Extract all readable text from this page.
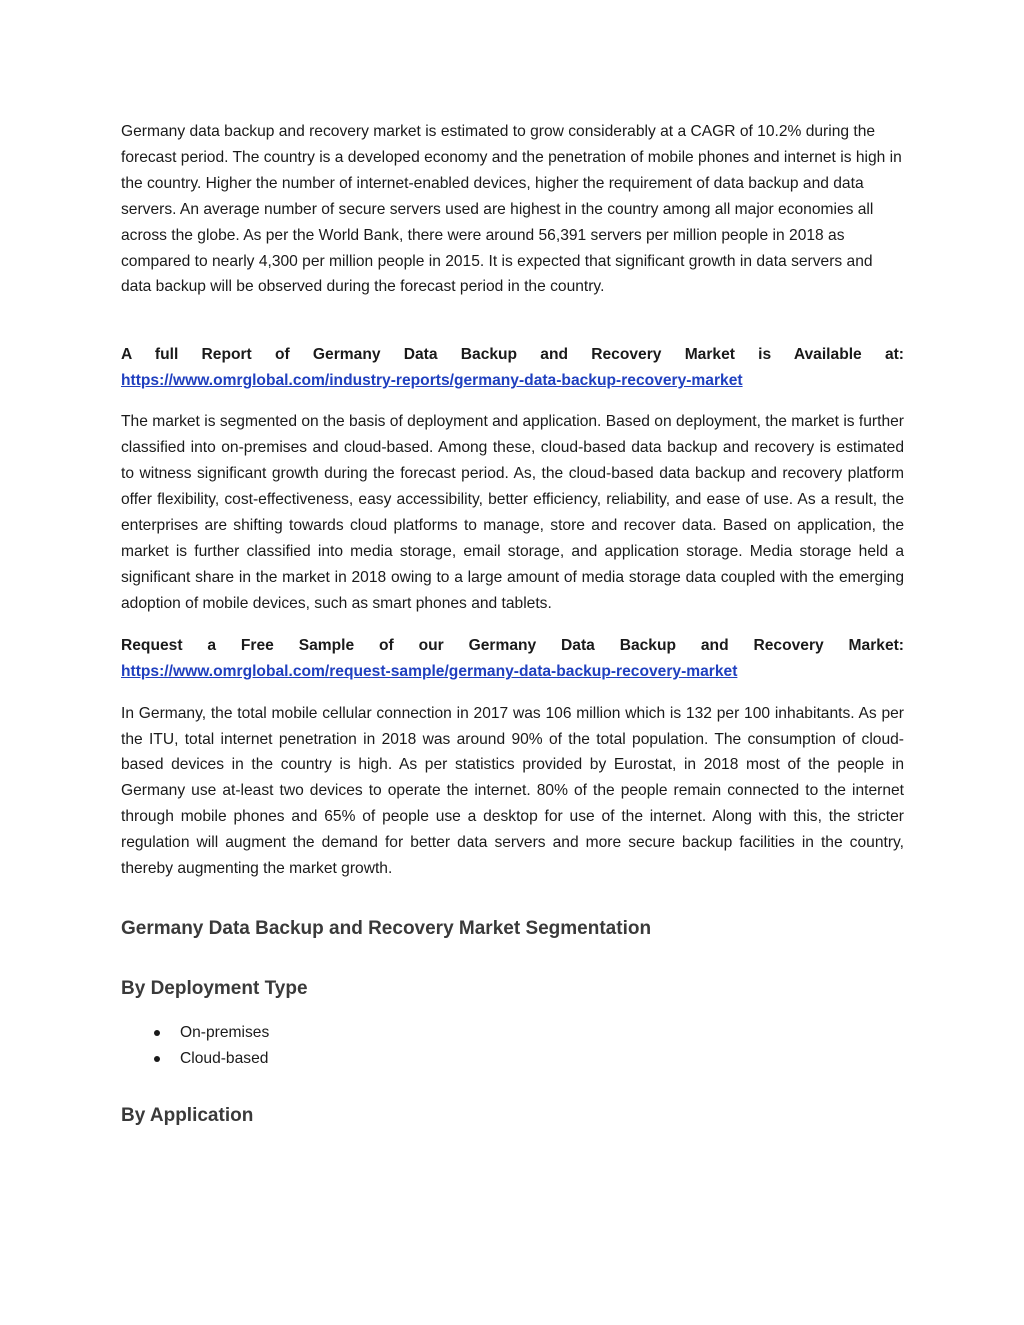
Germany data backup and recovery market is estimated to grow considerably at a CAGR of 10.2% during the forecast period. The country is a developed economy and the penetration of mobile phones and internet is high in the country. Higher the number of internet-enabled devices, higher the requirement of data backup and data servers. An average number of secure servers used are highest in the country among all major economies all across the globe. As per the World Bank, there were around 56,391 servers per million people in 2018 as compared to nearly 4,300 per million people in 2015. It is expected that significant growth in data servers and data backup will be observed during the forecast period in the country.

A full Report of Germany Data Backup and Recovery Market is Available at:
https://www.omrglobal.com/industry-reports/germany-data-backup-recovery-market

The market is segmented on the basis of deployment and application. Based on deployment, the market is further classified into on-premises and cloud-based. Among these, cloud-based data backup and recovery is estimated to witness significant growth during the forecast period. As, the cloud-based data backup and recovery platform offer flexibility, cost-effectiveness, easy accessibility, better efficiency, reliability, and ease of use. As a result, the enterprises are shifting towards cloud platforms to manage, store and recover data. Based on application, the market is further classified into media storage, email storage, and application storage. Media storage held a significant share in the market in 2018 owing to a large amount of media storage data coupled with the emerging adoption of mobile devices, such as smart phones and tablets.

Request a Free Sample of our Germany Data Backup and Recovery Market:
https://www.omrglobal.com/request-sample/germany-data-backup-recovery-market

In Germany, the total mobile cellular connection in 2017 was 106 million which is 132 per 100 inhabitants. As per the ITU, total internet penetration in 2018 was around 90% of the total population. The consumption of cloud-based devices in the country is high. As per statistics provided by Eurostat, in 2018 most of the people in Germany use at-least two devices to operate the internet. 80% of the people remain connected to the internet through mobile phones and 65% of people use a desktop for use of the internet. Along with this, the stricter regulation will augment the demand for better data servers and more secure backup facilities in the country, thereby augmenting the market growth.

Germany Data Backup and Recovery Market Segmentation
By Deployment Type
On-premises
Cloud-based
By Application
